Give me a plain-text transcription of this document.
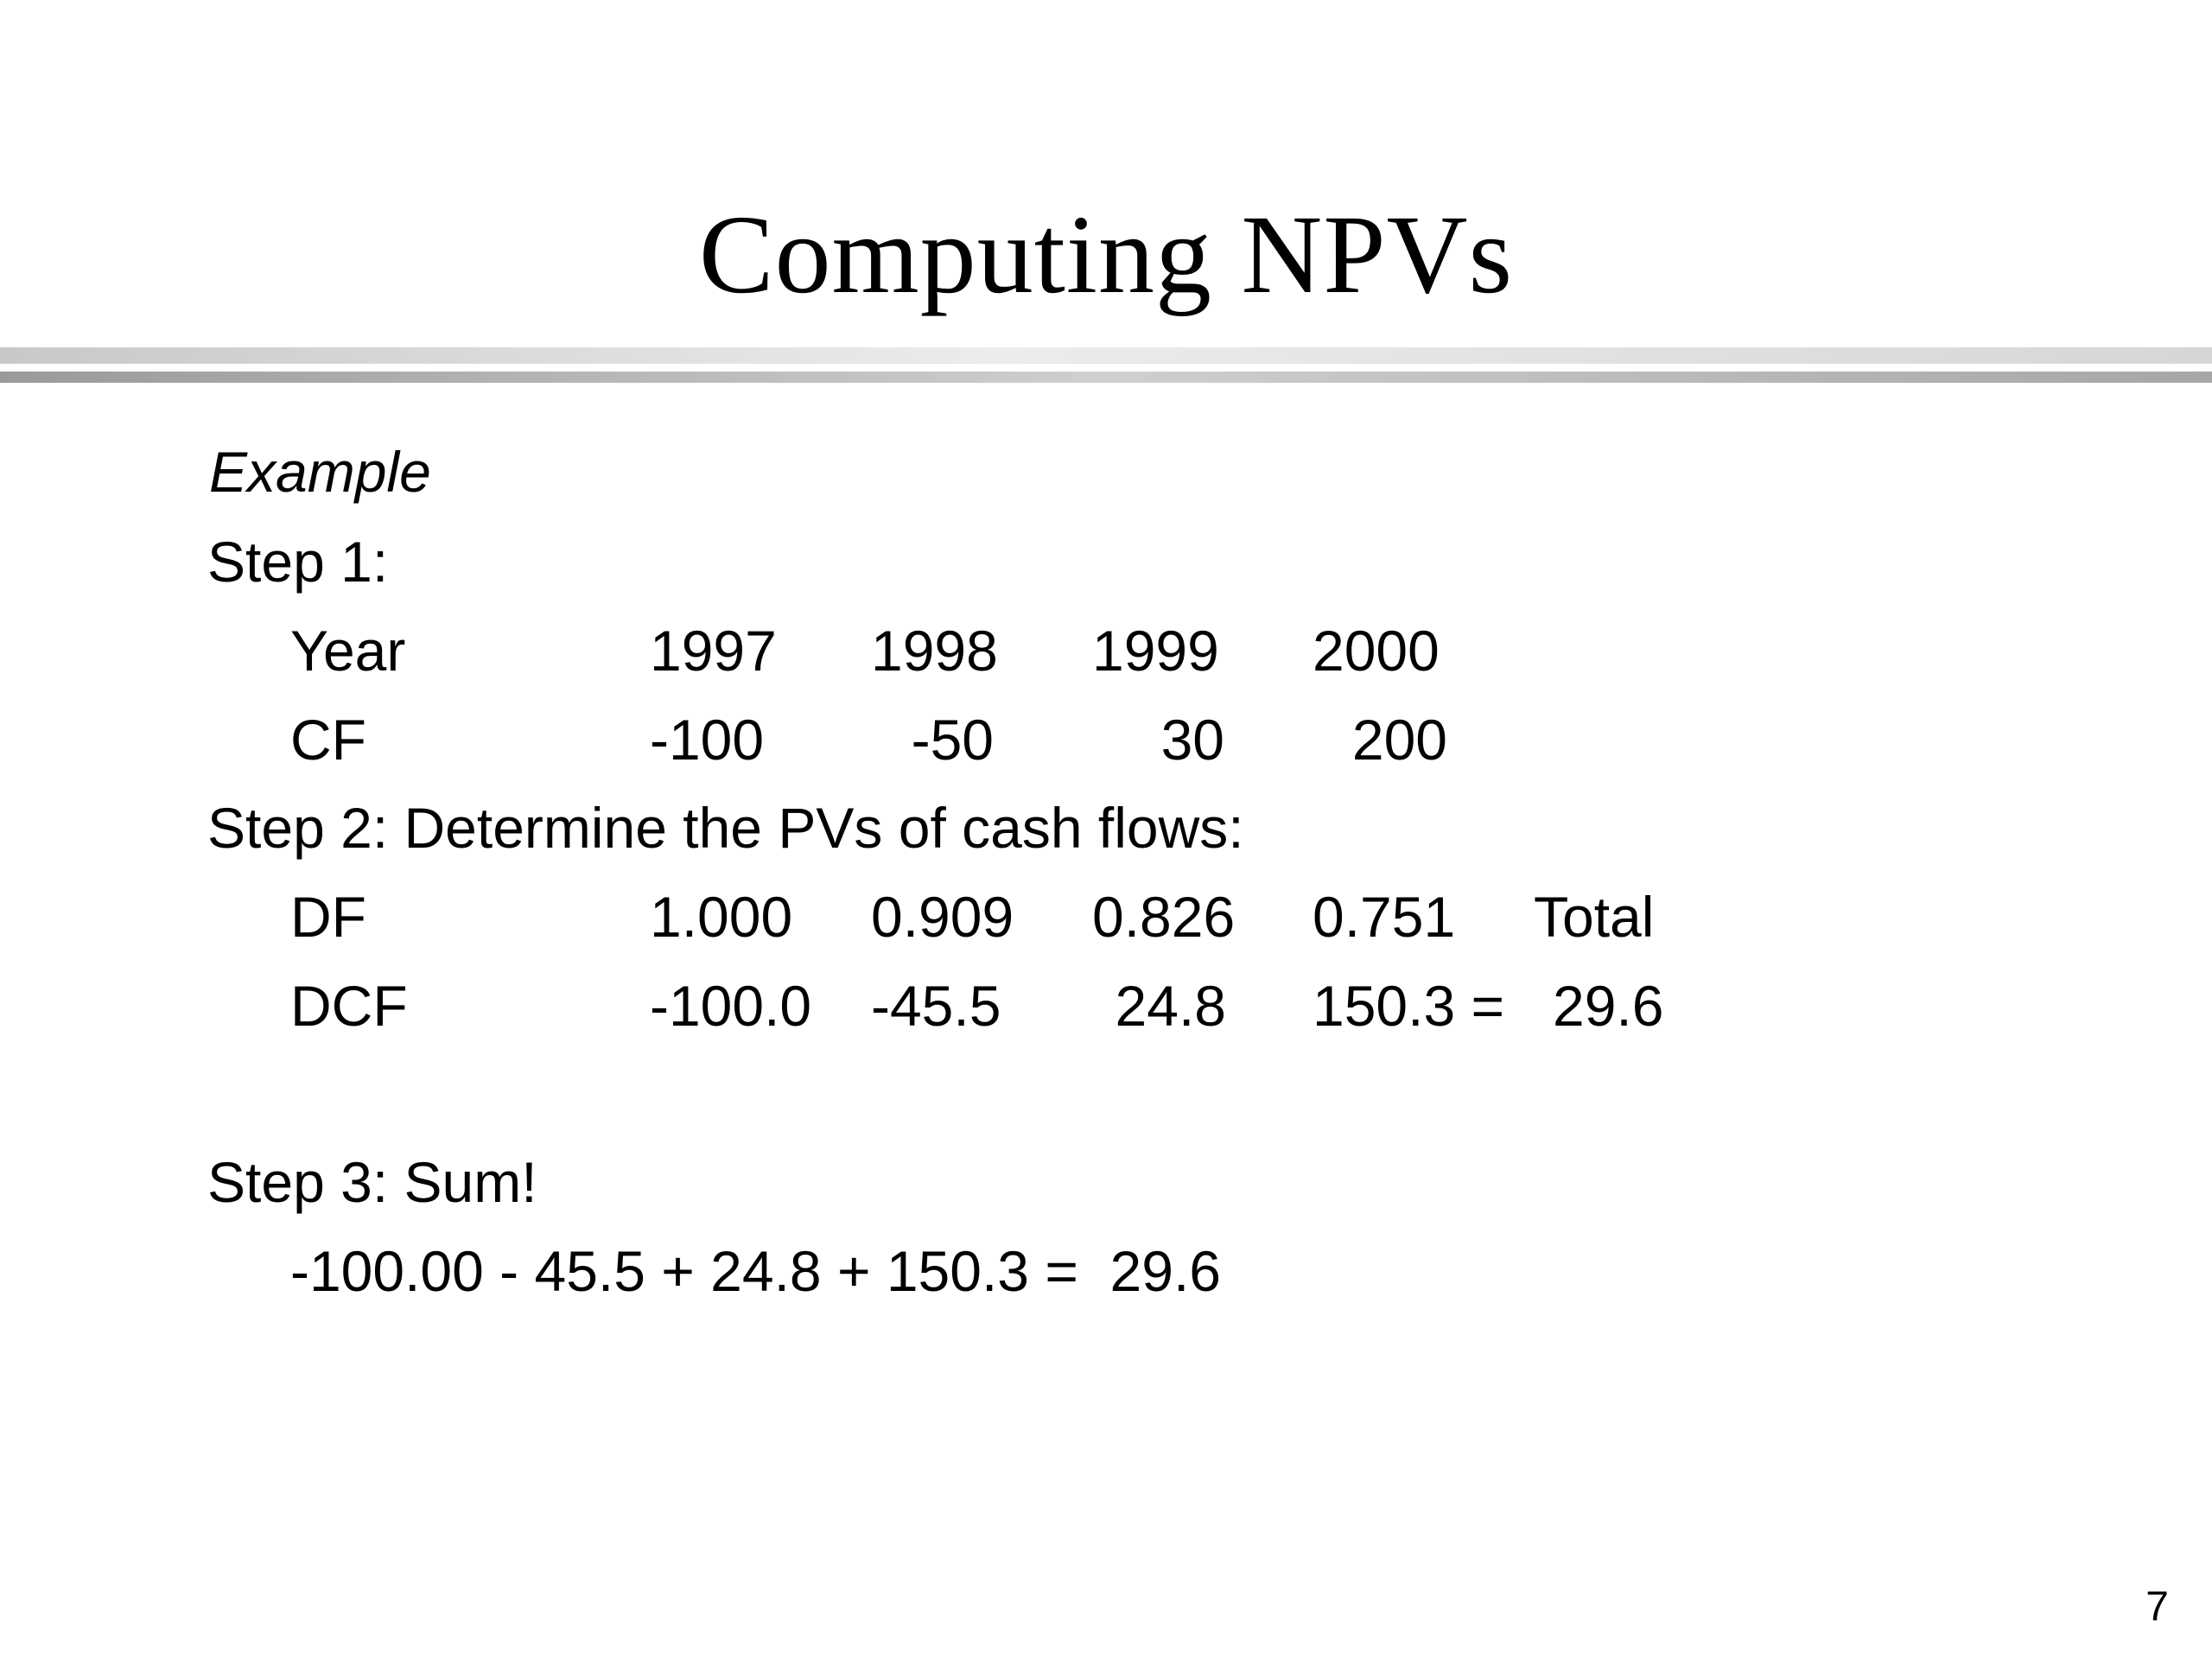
Computing NPVs
Example
Step 1:
Year	1997 1998 1999 2000
CF	-100	-50	30	200
Step 2: Determine the PVs of cash flows:
DF	1.000 0.909 0.826 0.751 Total
DCF	-100.0 -45.5	24.8 150.3 = 29.6
Step 3: Sum!
-100.00 - 45.5 + 24.8 + 150.3 =  29.6
7
